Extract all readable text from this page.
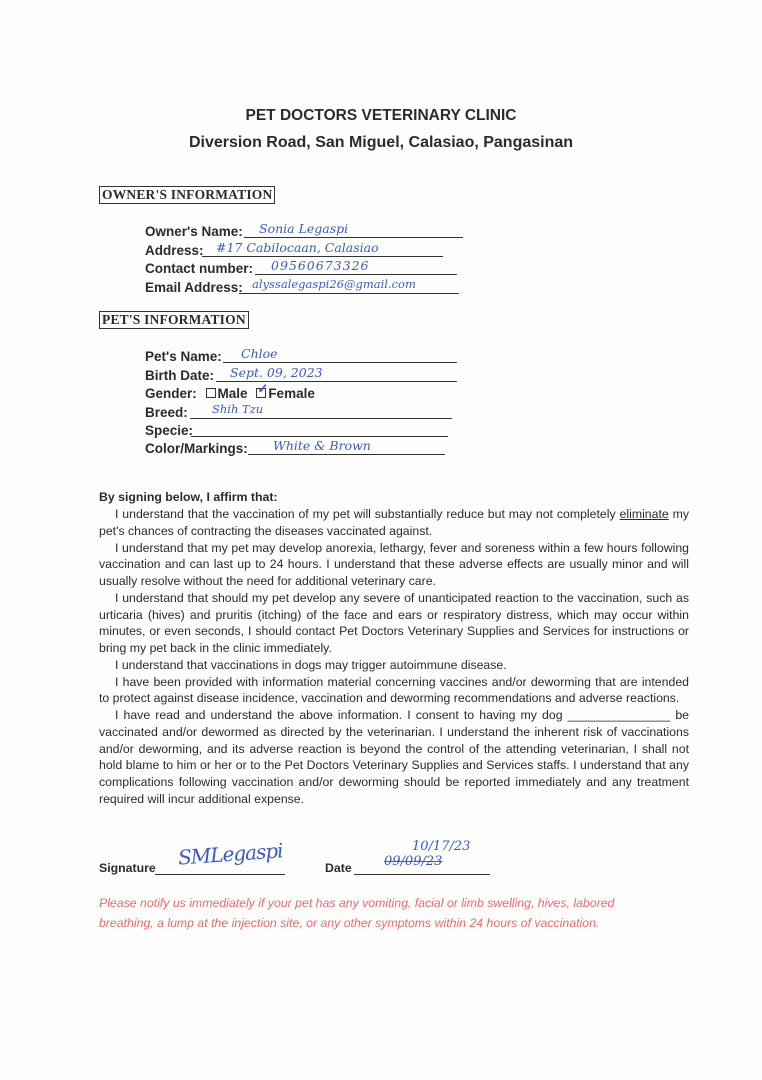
PET DOCTORS VETERINARY CLINIC
Diversion Road, San Miguel, Calasiao, Pangasinan
OWNER'S INFORMATION
Owner's Name: Sonia Legaspi
Address: #17 Cabilocaan, Calasiao
Contact number: 09560673326
Email Address: alyssalegaspi26@gmail.com
PET'S INFORMATION
Pet's Name: Chloe
Birth Date: Sept. 09, 2023
Gender: Male ✓ Female
Breed: Shih Tzu
Specie:
Color/Markings: White & Brown
By signing below, I affirm that:

I understand that the vaccination of my pet will substantially reduce but may not completely eliminate my pet's chances of contracting the diseases vaccinated against.

I understand that my pet may develop anorexia, lethargy, fever and soreness within a few hours following vaccination and can last up to 24 hours. I understand that these adverse effects are usually minor and will usually resolve without the need for additional veterinary care.

I understand that should my pet develop any severe of unanticipated reaction to the vaccination, such as urticaria (hives) and pruritis (itching) of the face and ears or respiratory distress, which may occur within minutes, or even seconds, I should contact Pet Doctors Veterinary Supplies and Services for instructions or bring my pet back in the clinic immediately.

I understand that vaccinations in dogs may trigger autoimmune disease.

I have been provided with information material concerning vaccines and/or deworming that are intended to protect against disease incidence, vaccination and deworming recommendations and adverse reactions.

I have read and understand the above information. I consent to having my dog _______________ be vaccinated and/or dewormed as directed by the veterinarian. I understand the inherent risk of vaccinations and/or deworming, and its adverse reaction is beyond the control of the attending veterinarian, I shall not hold blame to him or her or to the Pet Doctors Veterinary Supplies and Services staffs. I understand that any complications following vaccination and/or deworming should be reported immediately and any treatment required will incur additional expense.

Signature SMLegaspi	Date 09/09/23
10/17/23
Please notify us immediately if your pet has any vomiting, facial or limb swelling, hives, labored breathing, a lump at the injection site, or any other symptoms within 24 hours of vaccination.
